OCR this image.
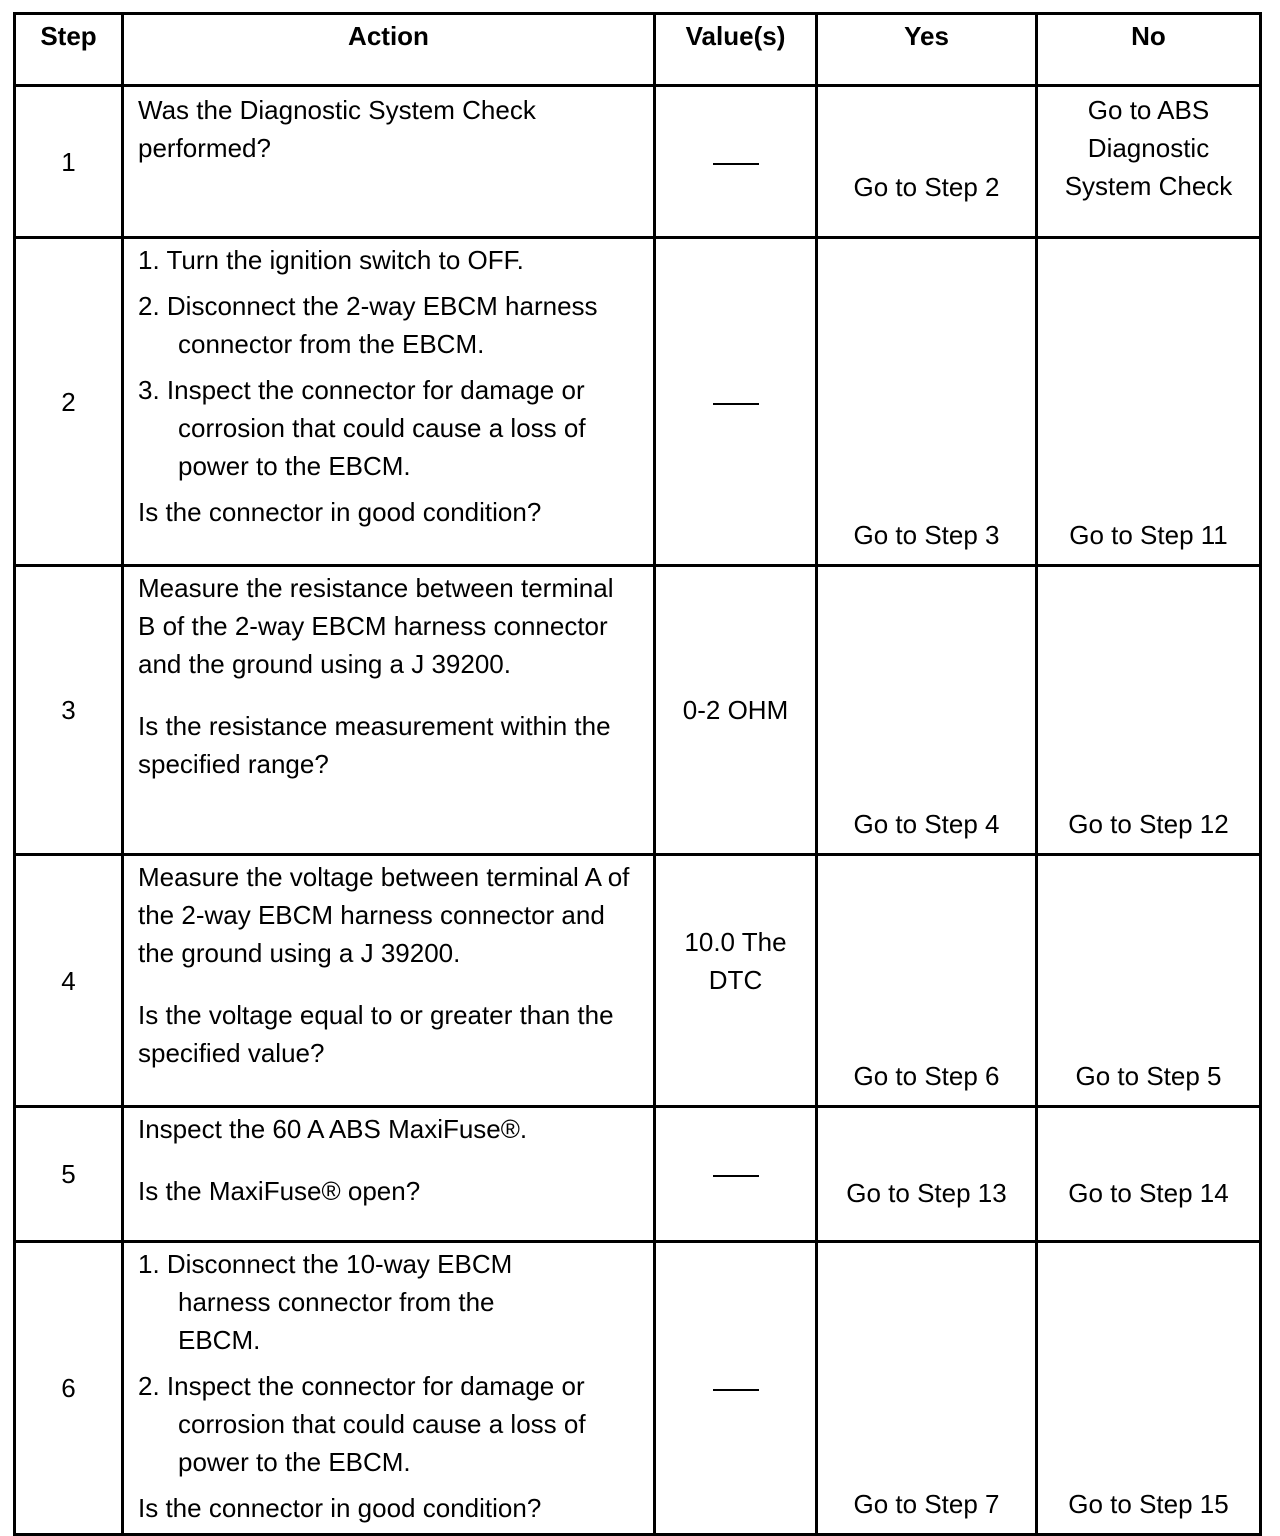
Step	Action	Value(s)	Yes	No
1	Was the Diagnostic System Check performed?		Go to Step 2	Go to ABS Diagnostic System Check
2	1. Turn the ignition switch to OFF.

2. Disconnect the 2-way EBCM harness connector from the EBCM.

3. Inspect the connector for damage or corrosion that could cause a loss of power to the EBCM.

Is the connector in good condition?		Go to Step 3	Go to Step 11
3	Measure the resistance between terminal B of the 2-way EBCM harness connector and the ground using a J 39200.

Is the resistance measurement within the specified range?	0-2 OHM	Go to Step 4	Go to Step 12
4	Measure the voltage between terminal A of the 2-way EBCM harness connector and the ground using a J 39200.

Is the voltage equal to or greater than the specified value?	10.0 The DTC	Go to Step 6	Go to Step 5
5	Inspect the 60 A ABS MaxiFuse®.

Is the MaxiFuse® open?		Go to Step 13	Go to Step 14
6	1. Disconnect the 10-way EBCM harness connector from the EBCM.

2. Inspect the connector for damage or corrosion that could cause a loss of power to the EBCM.

Is the connector in good condition?		Go to Step 7	Go to Step 15
